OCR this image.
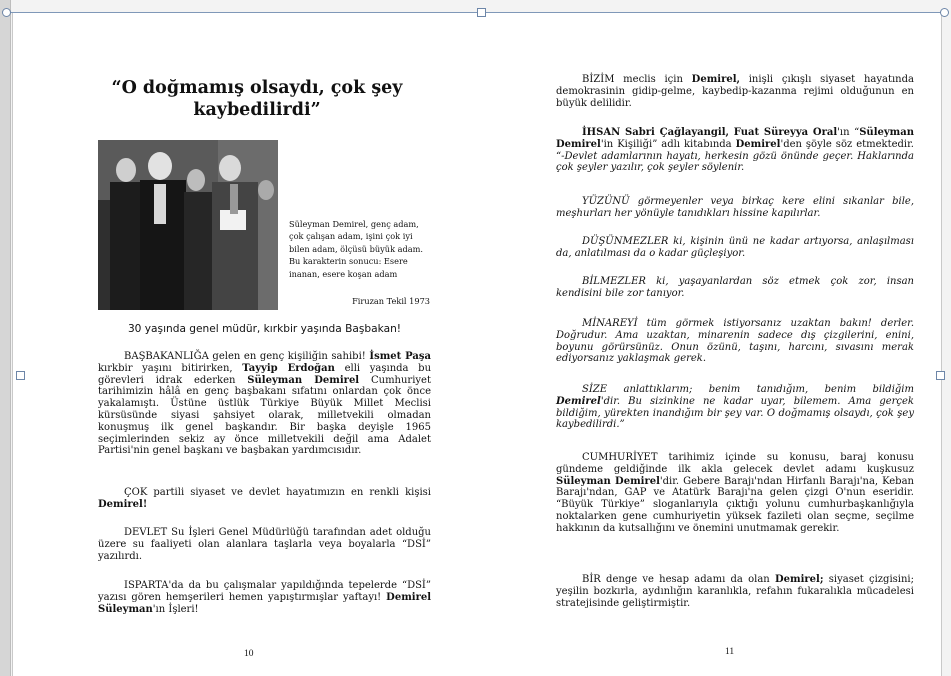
“O doğmamış olsaydı, çok şey kaybedilirdi”
Süleyman Demirel, genç adam, çok çalışan adam, işini çok iyi bilen adam, ölçüsü büyük adam. Bu karakterin sonucu: Esere inanan, esere koşan adam
Firuzan Tekil 1973
30 yaşında genel müdür, kırkbir yaşında Başbakan!
BAŞBAKANLIĞA gelen en genç kişiliğin sahibi! İsmet Paşa kırkbir yaşını bitirirken, Tayyip Erdoğan elli yaşında bu görevleri idrak ederken Süleyman Demirel Cumhuriyet tarihimizin hâlâ en genç başbakanı sıfatını onlardan çok önce yakalamıştı. Üstüne üstlük Türkiye Büyük Millet Meclisi kürsüsünde siyasi şahsiyet olarak, milletvekili olmadan konuşmuş ilk genel başkandır. Bir başka deyişle 1965 seçimlerinden sekiz ay önce milletvekili değil ama Adalet Partisi'nin genel başkanı ve başbakan yardımcısıdır.
ÇOK partili siyaset ve devlet hayatımızın en renkli kişisi Demirel!
DEVLET Su İşleri Genel Müdürlüğü tarafından adet olduğu üzere su faaliyeti olan alanlara taşlarla veya boyalarla “DSİ” yazılırdı.
ISPARTA'da da bu çalışmalar yapıldığında tepelerde “DSİ” yazısı gören hemşerileri hemen yapıştırmışlar yaftayı! Demirel Süleyman'ın İşleri!
10
BİZİM meclis için Demirel, inişli çıkışlı siyaset hayatında demokrasinin gidip-gelme, kaybedip-kazanma rejimi olduğunun en büyük delilidir.
İHSAN Sabri Çağlayangil, Fuat Süreyya Oral'ın “Süleyman Demirel'in Kişiliği” adlı kitabında Demirel'den şöyle söz etmektedir. “-Devlet adamlarının hayatı, herkesin gözü önünde geçer. Haklarında çok şeyler yazılır, çok şeyler söylenir.
YÜZÜNÜ görmeyenler veya birkaç kere elini sıkanlar bile, meşhurları her yönüyle tanıdıkları hissine kapılırlar.
DÜŞÜNMEZLER ki, kişinin ünü ne kadar artıyorsa, anlaşılması da, anlatılması da o kadar güçleşiyor.
BİLMEZLER ki, yaşayanlardan söz etmek çok zor, insan kendisini bile zor tanıyor.
MİNAREYİ tüm görmek istiyorsanız uzaktan bakın! derler. Doğrudur. Ama uzaktan, minarenin sadece dış çizgilerini, enini, boyunu görürsünüz. Onun özünü, taşını, harcını, sıvasını merak ediyorsanız yaklaşmak gerek.
SİZE anlattıklarım; benim tanıdığım, benim bildiğim Demirel'dir. Bu sizinkine ne kadar uyar, bilemem. Ama gerçek bildiğim, yürekten inandığım bir şey var. O doğmamış olsaydı, çok şey kaybedilirdi.”
CUMHURİYET tarihimiz içinde su konusu, baraj konusu gündeme geldiğinde ilk akla gelecek devlet adamı kuşkusuz Süleyman Demirel'dir. Gebere Barajı'ndan Hirfanlı Barajı'na, Keban Barajı'ndan, GAP ve Atatürk Barajı'na gelen çizgi O'nun eseridir. “Büyük Türkiye” sloganlarıyla çıktığı yolunu cumhurbaşkanlığıyla noktalarken gene cumhuriyetin yüksek fazileti olan seçme, seçilme hakkının da kutsallığını ve önemini unutmamak gerekir.
BİR denge ve hesap adamı da olan Demirel; siyaset çizgisini; yeşilin bozkırla, aydınlığın karanlıkla, refahın fukaralıkla mücadelesi stratejisinde geliştirmiştir.
11
